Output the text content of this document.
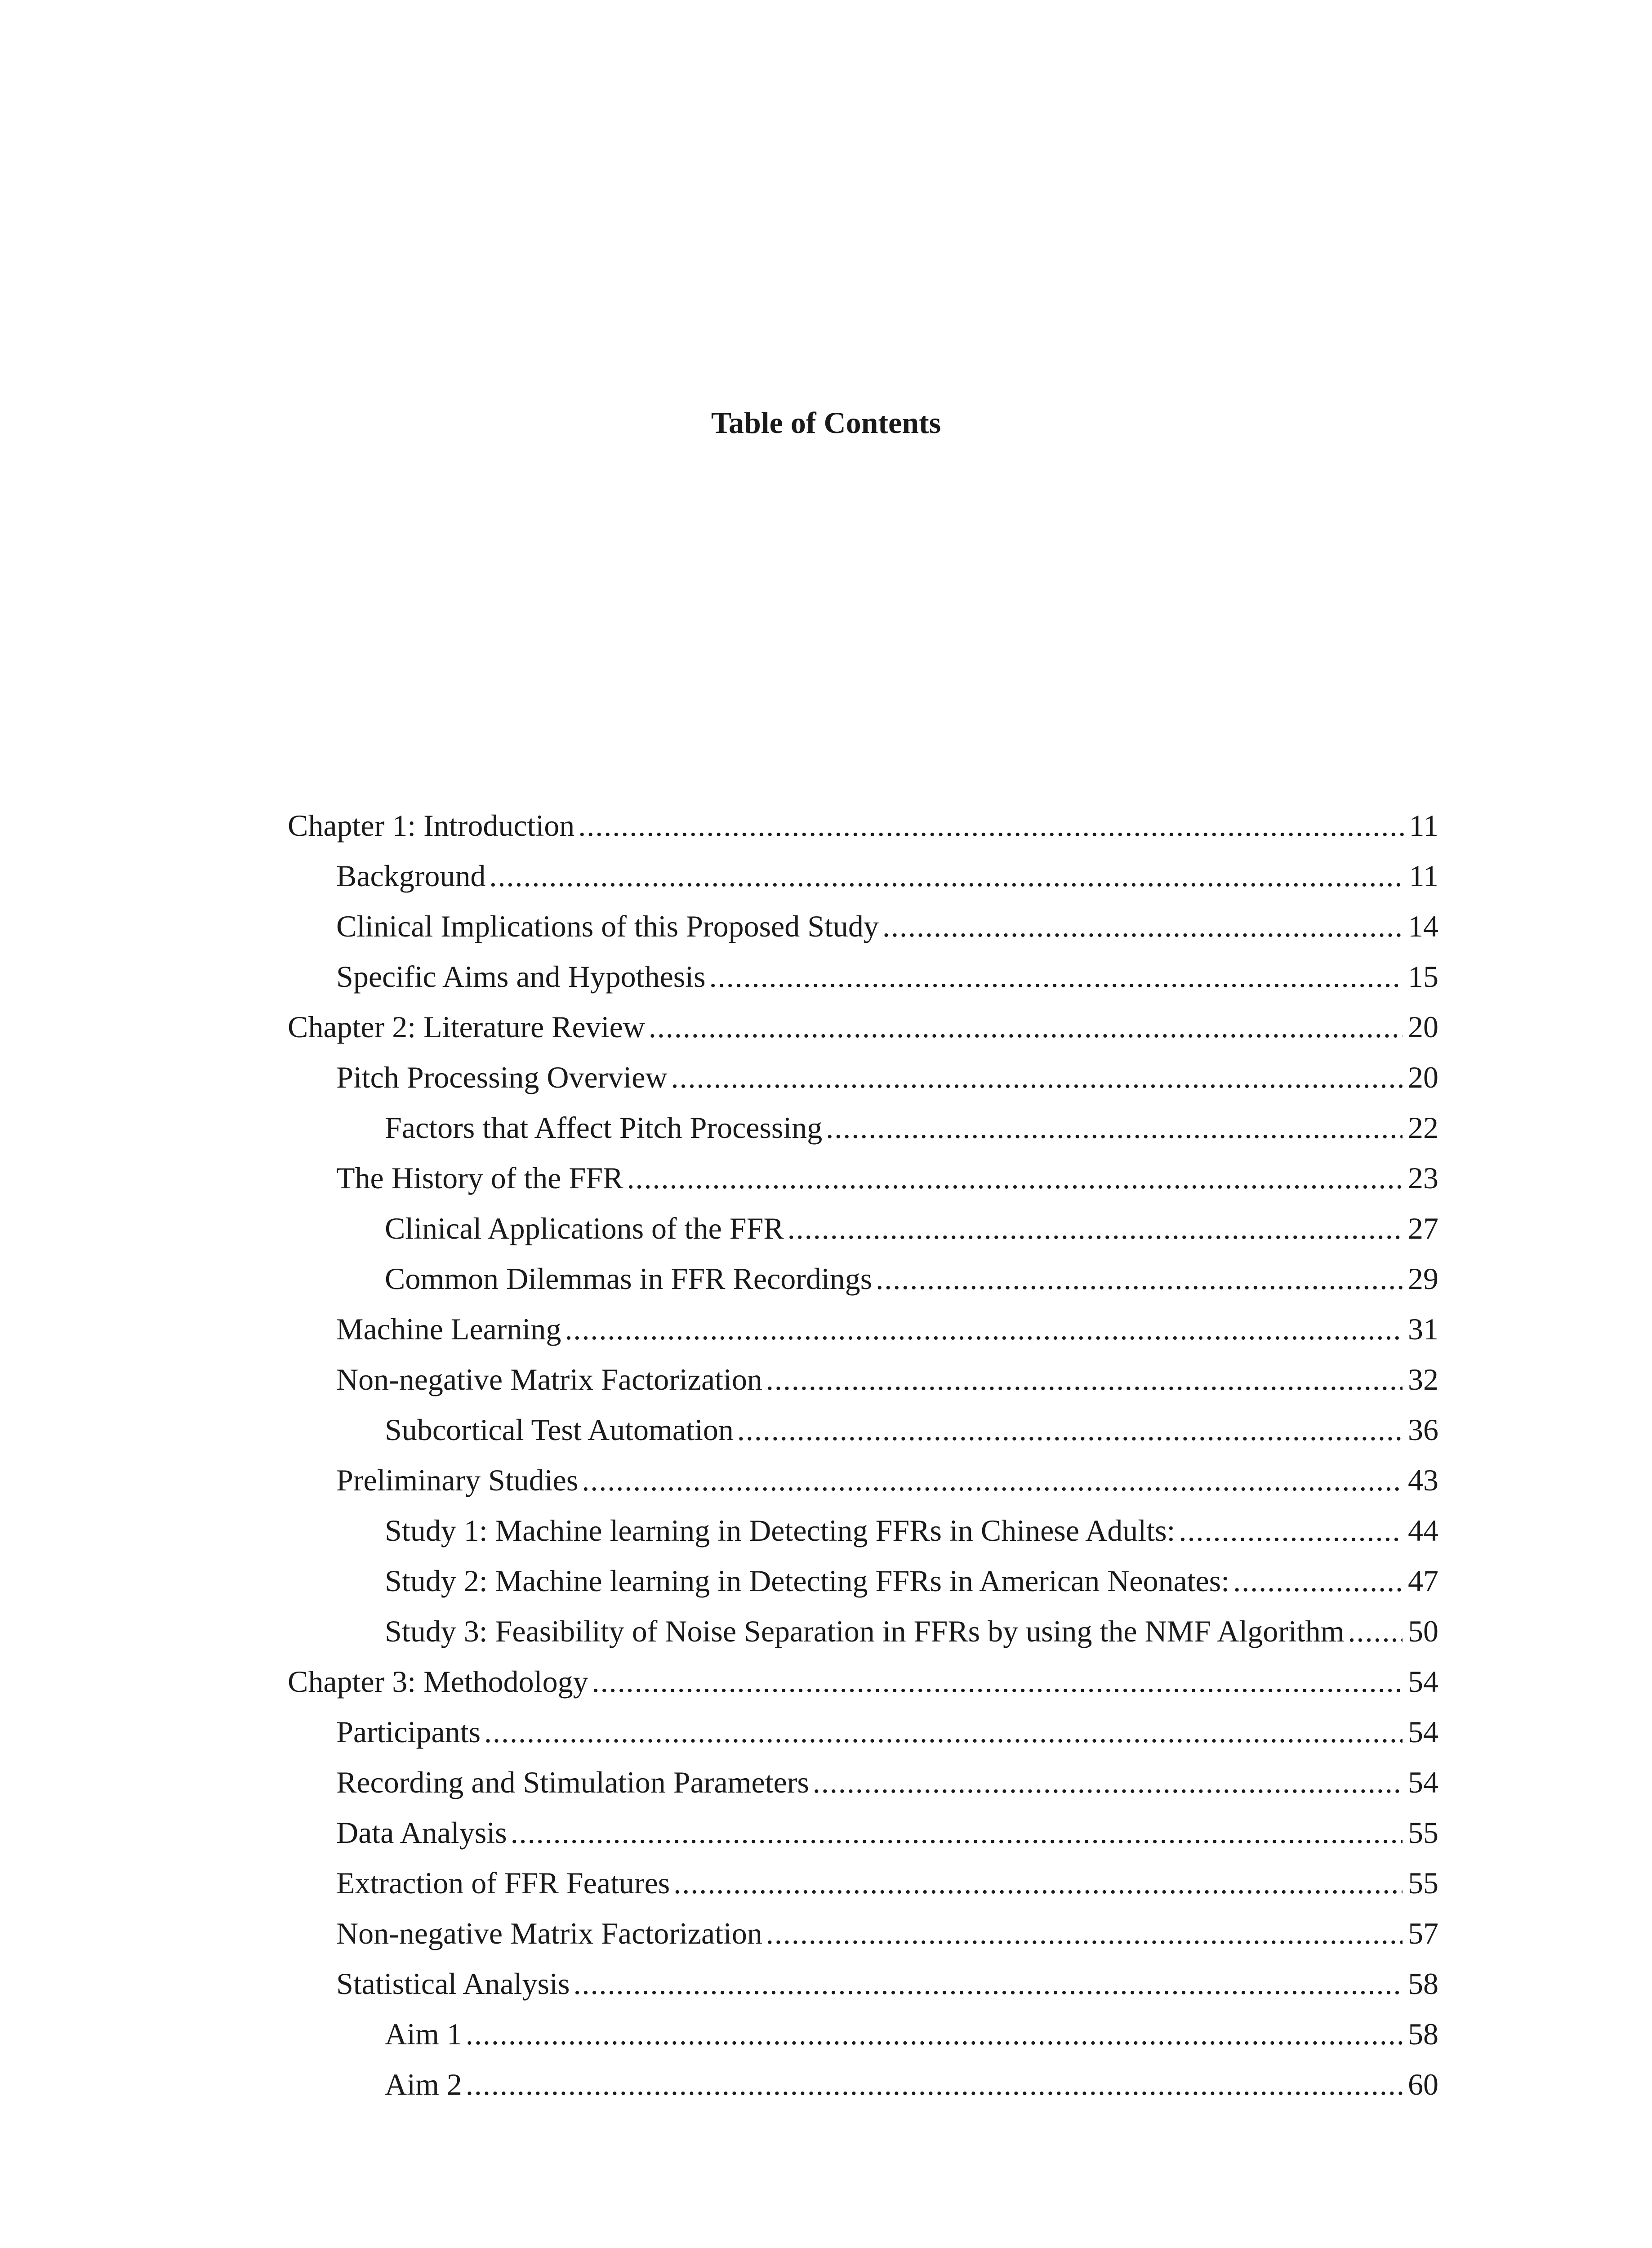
Table of Contents
Chapter 1: Introduction .....	11
Background .....	11
Clinical Implications of this Proposed Study .....	14
Specific Aims and Hypothesis .....	15
Chapter 2: Literature Review .....	20
Pitch Processing Overview .....	20
Factors that Affect Pitch Processing .....	22
The History of the FFR .....	23
Clinical Applications of the FFR .....	27
Common Dilemmas in FFR Recordings .....	29
Machine Learning .....	31
Non-negative Matrix Factorization .....	32
Subcortical Test Automation .....	36
Preliminary Studies .....	43
Study 1: Machine learning in Detecting FFRs in Chinese Adults: .....	44
Study 2: Machine learning in Detecting FFRs in American Neonates: .....	47
Study 3: Feasibility of Noise Separation in FFRs by using the NMF Algorithm ..... 50
Chapter 3: Methodology .....	54
Participants .....	54
Recording and Stimulation Parameters .....	54
Data Analysis .....	55
Extraction of FFR Features .....	55
Non-negative Matrix Factorization .....	57
Statistical Analysis .....	58
Aim 1 .....	58
Aim 2 .....	60
